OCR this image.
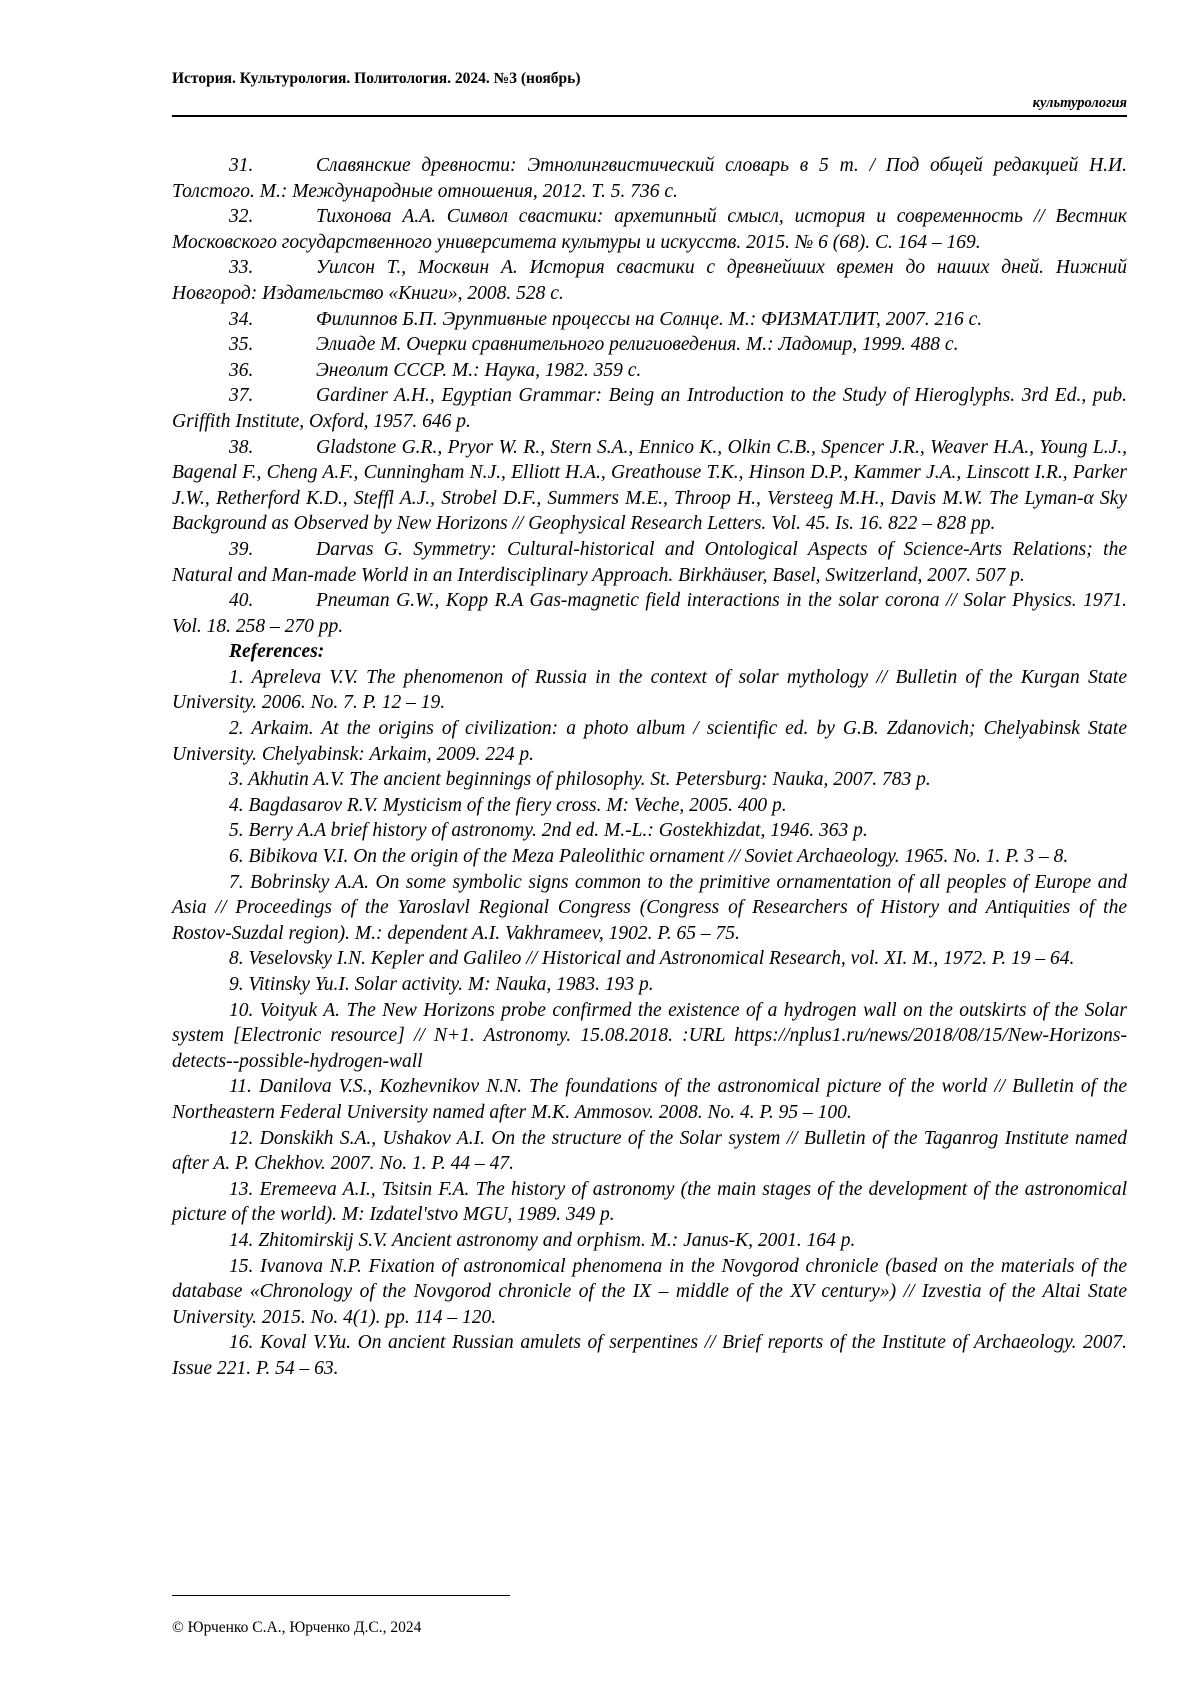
История. Культурология. Политология. 2024. №3 (ноябрь)
культурология

31.	Славянские древности: Этнолингвистический словарь в 5 т. / Под общей редакцией Н.И. Толстого. М.: Международные отношения, 2012. Т. 5. 736 с.

32.	Тихонова А.А. Символ свастики: архетипный смысл, история и современность // Вестник Московского государственного университета культуры и искусств. 2015. № 6 (68). С. 164 – 169.

33.	Уилсон Т., Москвин А. История свастики с древнейших времен до наших дней. Нижний Новгород: Издательство «Книги», 2008. 528 с.

34.	Филиппов Б.П. Эруптивные процессы на Солнце. М.: ФИЗМАТЛИТ, 2007. 216 с.

35.	Элиаде М. Очерки сравнительного религиоведения. М.: Ладомир, 1999. 488 с.

36.	Энеолит СССР. М.: Наука, 1982. 359 с.

37.	Gardiner A.H., Egyptian Grammar: Being an Introduction to the Study of Hieroglyphs. 3rd Ed., pub. Griffith Institute, Oxford, 1957. 646 p.

38.	Gladstone G.R., Pryor W. R., Stern S.A., Ennico K., Olkin C.B., Spencer J.R., Weaver H.A., Young L.J., Bagenal F., Cheng A.F., Cunningham N.J., Elliott H.A., Greathouse T.K., Hinson D.P., Kammer J.A., Linscott I.R., Parker J.W., Retherford K.D., Steffl A.J., Strobel D.F., Summers M.E., Throop H., Versteeg M.H., Davis M.W. The Lyman-α Sky Background as Observed by New Horizons // Geophysical Research Letters. Vol. 45. Is. 16. 822 – 828 pp.

39.	Darvas G. Symmetry: Cultural-historical and Ontological Aspects of Science-Arts Relations; the Natural and Man-made World in an Interdisciplinary Approach. Birkhäuser, Basel, Switzerland, 2007. 507 p.

40.	Pneuman G.W., Kopp R.A Gas-magnetic field interactions in the solar corona // Solar Physics. 1971. Vol. 18. 258 – 270 pp.

References:

1. Apreleva V.V. The phenomenon of Russia in the context of solar mythology // Bulletin of the Kurgan State University. 2006. No. 7. P. 12 – 19.

2. Arkaim. At the origins of civilization: a photo album / scientific ed. by G.B. Zdanovich; Chelyabinsk State University. Chelyabinsk: Arkaim, 2009. 224 p.

3. Akhutin A.V. The ancient beginnings of philosophy. St. Petersburg: Nauka, 2007. 783 p.

4. Bagdasarov R.V. Mysticism of the fiery cross. M: Veche, 2005. 400 p.

5. Berry A.A brief history of astronomy. 2nd ed. M.-L.: Gostekhizdat, 1946. 363 p.

6. Bibikova V.I. On the origin of the Meza Paleolithic ornament // Soviet Archaeology. 1965. No. 1. P. 3 – 8.

7. Bobrinsky A.A. On some symbolic signs common to the primitive ornamentation of all peoples of Europe and Asia // Proceedings of the Yaroslavl Regional Congress (Congress of Researchers of History and Antiquities of the Rostov-Suzdal region). M.: dependent A.I. Vakhrameev, 1902. P. 65 – 75.

8. Veselovsky I.N. Kepler and Galileo // Historical and Astronomical Research, vol. XI. M., 1972. P. 19 – 64.

9. Vitinsky Yu.I. Solar activity. M: Nauka, 1983. 193 p.

10. Voityuk A. The New Horizons probe confirmed the existence of a hydrogen wall on the outskirts of the Solar system [Electronic resource] // N+1. Astronomy. 15.08.2018. :URL https://nplus1.ru/news/2018/08/15/New-Horizons-detects--possible-hydrogen-wall

11. Danilova V.S., Kozhevnikov N.N. The foundations of the astronomical picture of the world // Bulletin of the Northeastern Federal University named after M.K. Ammosov. 2008. No. 4. P. 95 – 100.

12. Donskikh S.A., Ushakov A.I. On the structure of the Solar system // Bulletin of the Taganrog Institute named after A. P. Chekhov. 2007. No. 1. P. 44 – 47.

13. Eremeeva A.I., Tsitsin F.A. The history of astronomy (the main stages of the development of the astronomical picture of the world). M: Izdatel'stvo MGU, 1989. 349 p.

14. Zhitomirskij S.V. Ancient astronomy and orphism. M.: Janus-K, 2001. 164 p.

15. Ivanova N.P. Fixation of astronomical phenomena in the Novgorod chronicle (based on the materials of the database «Chronology of the Novgorod chronicle of the IX – middle of the XV century») // Izvestia of the Altai State University. 2015. No. 4(1). pp. 114 – 120.

16. Koval V.Yu. On ancient Russian amulets of serpentines // Brief reports of the Institute of Archaeology. 2007. Issue 221. P. 54 – 63.

© Юрченко С.А., Юрченко Д.С., 2024
